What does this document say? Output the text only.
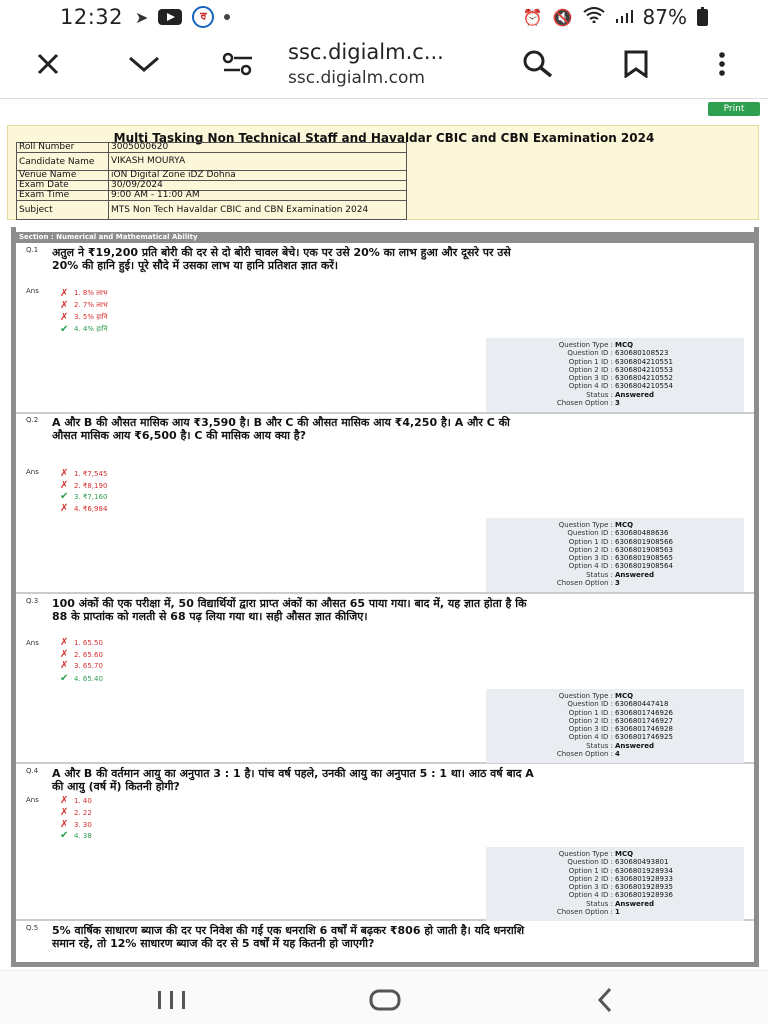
12:32 ➤	ਰ	⏰ 🔇	87%
ssc.digialm.c...
ssc.digialm.com
Print
Multi Tasking Non Technical Staff and Havaldar CBIC and CBN Examination 2024
Roll Number	3005000620
Candidate Name	VIKASH MOURYA
Venue Name	iON Digital Zone iDZ Dohna
Exam Date	30/09/2024
Exam Time	9:00 AM - 11:00 AM
Subject	MTS Non Tech Havaldar CBIC and CBN Examination 2024
Section : Numerical and Mathematical Ability
Q.1 अतुल ने ₹19,200 प्रति बोरी की दर से दो बोरी चावल बेचे। एक पर उसे 20% का लाभ हुआ और दूसरे पर उसे 20% की हानि हुई। पूरे सौदे में उसका लाभ या हानि प्रतिशत ज्ञात करें।
Ans ✗ 1. 8% लाभ
✗ 2. 7% लाभ
✗ 3. 5% हानि
✔ 4. 4% हानि
Question Type : MCQ
Question ID : 630680108523
Option 1 ID : 6306804210551
Option 2 ID : 6306804210553
Option 3 ID : 6306804210552
Option 4 ID : 6306804210554
Status : Answered
Chosen Option : 3
Q.2 A और B की औसत मासिक आय ₹3,590 है। B और C की औसत मासिक आय ₹4,250 है। A और C की औसत मासिक आय ₹6,500 है। C की मासिक आय क्या है?
Ans ✗ 1. ₹7,545
✗ 2. ₹8,190
✔ 3. ₹7,160
✗ 4. ₹6,984
Question Type : MCQ
Question ID : 630680488636
Option 1 ID : 6306801908566
Option 2 ID : 6306801908563
Option 3 ID : 6306801908565
Option 4 ID : 6306801908564
Status : Answered
Chosen Option : 3
Q.3 100 अंकों की एक परीक्षा में, 50 विद्यार्थियों द्वारा प्राप्त अंकों का औसत 65 पाया गया। बाद में, यह ज्ञात होता है कि 88 के प्राप्तांक को गलती से 68 पढ़ लिया गया था। सही औसत ज्ञात कीजिए।
Ans ✗ 1. 65.50
✗ 2. 65.60
✗ 3. 65.70
✔ 4. 65.40
Question Type : MCQ
Question ID : 630680447418
Option 1 ID : 6306801746926
Option 2 ID : 6306801746927
Option 3 ID : 6306801746928
Option 4 ID : 6306801746925
Status : Answered
Chosen Option : 4
Q.4 A और B की वर्तमान आयु का अनुपात 3 : 1 है। पांच वर्ष पहले, उनकी आयु का अनुपात 5 : 1 था। आठ वर्ष बाद A की आयु (वर्ष में) कितनी होगी?
Ans ✗ 1. 40
✗ 2. 22
✗ 3. 30
✔ 4. 38
Question Type : MCQ
Question ID : 630680493801
Option 1 ID : 6306801928934
Option 2 ID : 6306801928933
Option 3 ID : 6306801928935
Option 4 ID : 6306801928936
Status : Answered
Chosen Option : 1
Q.5 5% वार्षिक साधारण ब्याज की दर पर निवेश की गई एक धनराशि 6 वर्षों में बढ़कर ₹806 हो जाती है। यदि धनराशि समान रहे, तो 12% साधारण ब्याज की दर से 5 वर्षों में यह कितनी हो जाएगी?
